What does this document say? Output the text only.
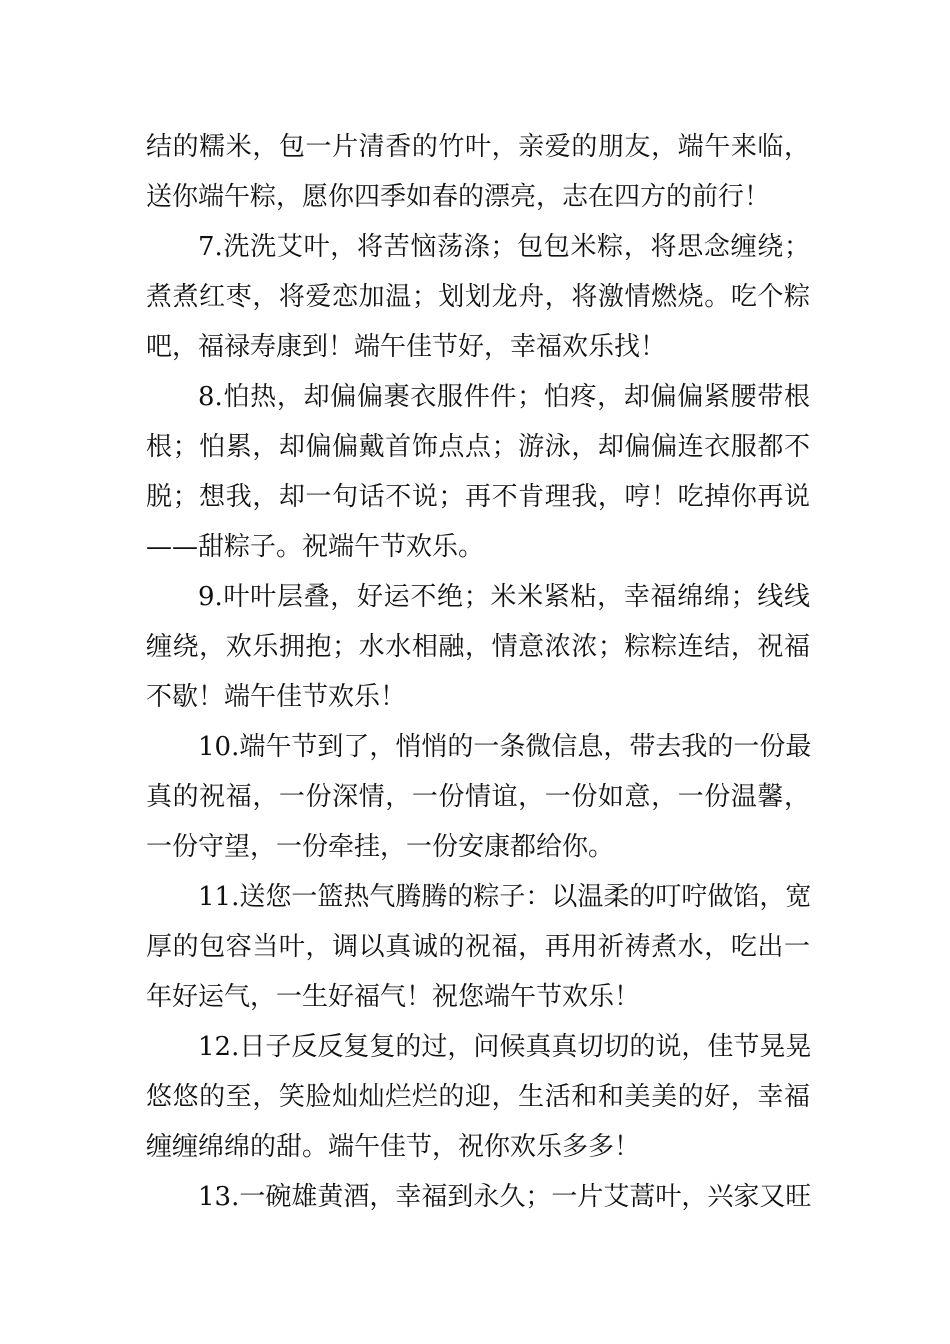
结的糯米，包一片清香的竹叶，亲爱的朋友，端午来临，
送你端午粽，愿你四季如春的漂亮，志在四方的前行！
7.洗洗艾叶，将苦恼荡涤；包包米粽，将思念缠绕；
煮煮红枣，将爱恋加温；划划龙舟，将激情燃烧。吃个粽
吧，福禄寿康到！端午佳节好，幸福欢乐找！
8.怕热，却偏偏裹衣服件件；怕疼，却偏偏紧腰带根
根；怕累，却偏偏戴首饰点点；游泳，却偏偏连衣服都不
脱；想我，却一句话不说；再不肯理我，哼！吃掉你再说
——甜粽子。祝端午节欢乐。
9.叶叶层叠，好运不绝；米米紧粘，幸福绵绵；线线
缠绕，欢乐拥抱；水水相融，情意浓浓；粽粽连结，祝福
不歇！端午佳节欢乐！
10.端午节到了，悄悄的一条微信息，带去我的一份最
真的祝福，一份深情，一份情谊，一份如意，一份温馨，
一份守望，一份牵挂，一份安康都给你。
11.送您一篮热气腾腾的粽子：以温柔的叮咛做馅，宽
厚的包容当叶，调以真诚的祝福，再用祈祷煮水，吃出一
年好运气，一生好福气！祝您端午节欢乐！
12.日子反反复复的过，问候真真切切的说，佳节晃晃
悠悠的至，笑脸灿灿烂烂的迎，生活和和美美的好，幸福
缠缠绵绵的甜。端午佳节，祝你欢乐多多！
13.一碗雄黄酒，幸福到永久；一片艾蒿叶，兴家又旺
